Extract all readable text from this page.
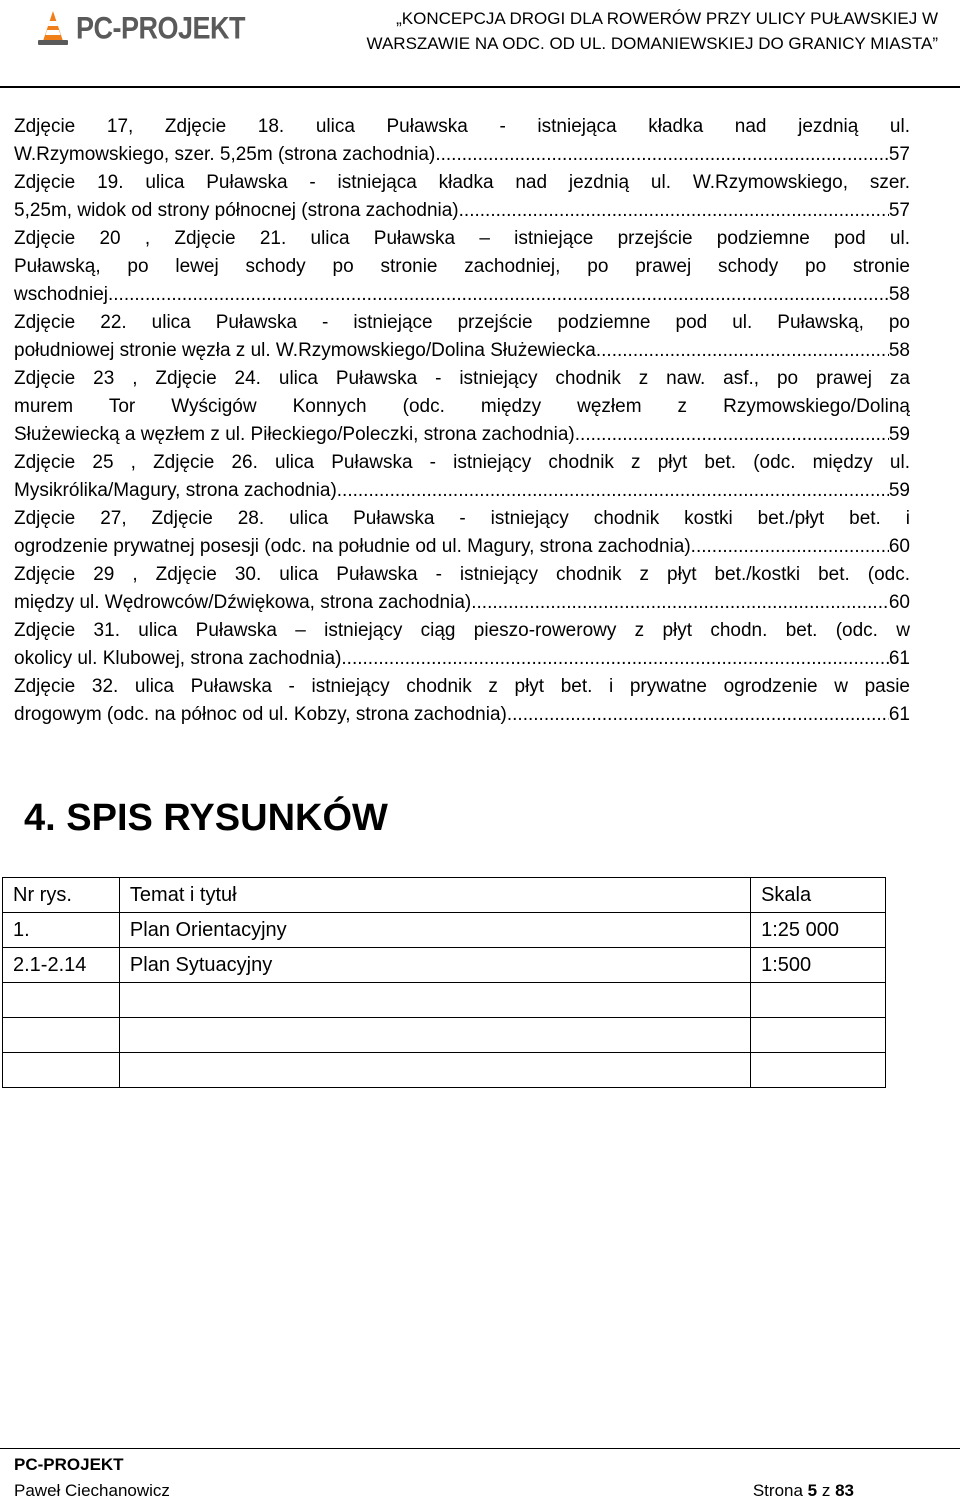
PC-PROJEKT	„KONCEPCJA DROGI DLA ROWERÓW PRZY ULICY PUŁAWSKIEJ W
WARSZAWIE NA ODC. OD UL. DOMANIEWSKIEJ DO GRANICY MIASTA”
Zdjęcie 17, Zdjęcie 18. ulica Puławska - istniejąca kładka nad jezdnią ul.
W.Rzymowskiego, szer. 5,25m (strona zachodnia) .....	57
Zdjęcie 19. ulica Puławska - istniejąca kładka nad jezdnią ul. W.Rzymowskiego, szer.
5,25m, widok od strony północnej (strona zachodnia) .....	57
Zdjęcie 20 , Zdjęcie 21. ulica Puławska – istniejące przejście podziemne pod ul.
Puławską, po lewej schody po stronie zachodniej, po prawej schody po stronie
wschodniej .....	58
Zdjęcie 22. ulica Puławska - istniejące przejście podziemne pod ul. Puławską, po
południowej stronie węzła z ul. W.Rzymowskiego/Dolina Służewiecka .....	58
Zdjęcie 23 , Zdjęcie 24. ulica Puławska - istniejący chodnik z naw. asf., po prawej za
murem Tor Wyścigów Konnych (odc. między węzłem z Rzymowskiego/Doliną
Służewiecką a węzłem z ul. Piłeckiego/Poleczki, strona zachodnia) .....	59
Zdjęcie 25 , Zdjęcie 26. ulica Puławska - istniejący chodnik z płyt bet. (odc. między ul.
Mysikrólika/Magury, strona zachodnia) .....	59
Zdjęcie 27, Zdjęcie 28. ulica Puławska - istniejący chodnik kostki bet./płyt bet. i
ogrodzenie prywatnej posesji (odc. na południe od ul. Magury, strona zachodnia) .....	60
Zdjęcie 29 , Zdjęcie 30. ulica Puławska - istniejący chodnik z płyt bet./kostki bet. (odc.
między ul. Wędrowców/Dźwiękowa, strona zachodnia) .....	60
Zdjęcie 31. ulica Puławska – istniejący ciąg pieszo-rowerowy z płyt chodn. bet. (odc. w
okolicy ul. Klubowej, strona zachodnia) .....	61
Zdjęcie 32. ulica Puławska - istniejący chodnik z płyt bet. i prywatne ogrodzenie w pasie
drogowym (odc. na północ od ul. Kobzy, strona zachodnia) .....	61
4. SPIS RYSUNKÓW
Nr rys.	Temat i tytuł	Skala
1.	Plan Orientacyjny	1:25 000
2.1-2.14	Plan Sytuacyjny	1:500

PC-PROJEKT
Paweł Ciechanowicz	Strona 5 z 83
